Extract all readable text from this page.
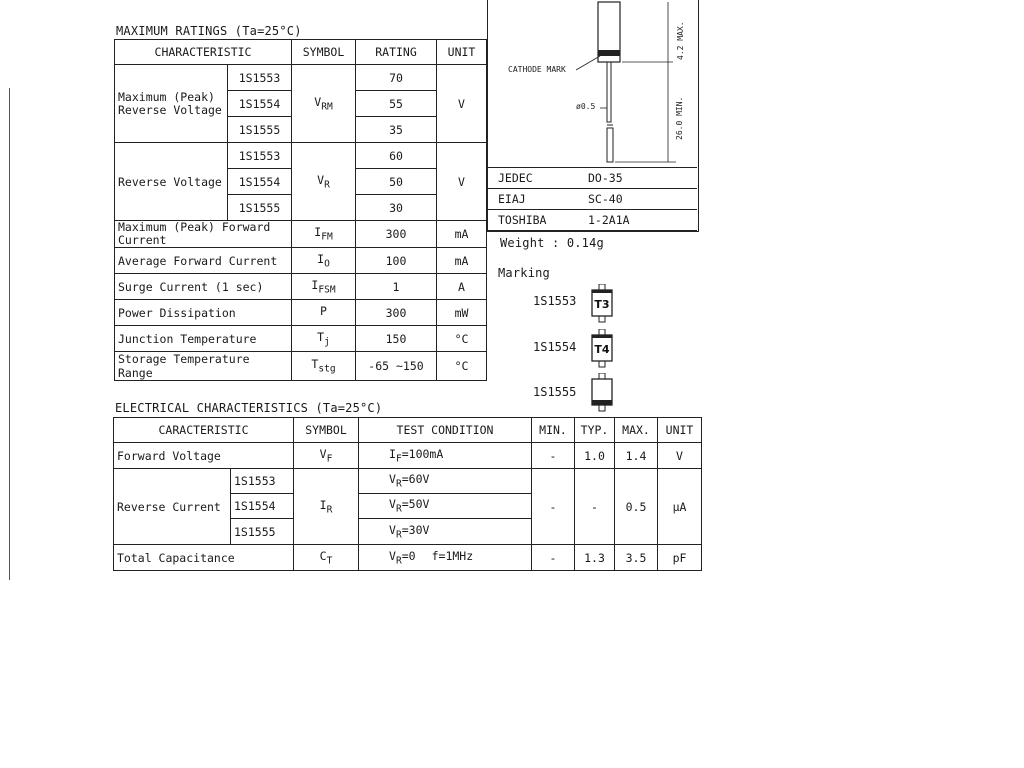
MAXIMUM RATINGS (Ta=25°C)
CHARACTERISTIC		SYMBOL	RATING	UNIT
Maximum (Peak) Reverse Voltage	1S1553	$V_{RM}$	70	V
	1S1554		55	
	1S1555		35	
Reverse Voltage	1S1553	$V_R$	60	V
	1S1554		50	
	1S1555		30	
Maximum (Peak) Forward Current		$I_{FM}$	300	mA
Average Forward Current		$I_O$	100	mA
Surge Current (1 sec)		$I_{FSM}$	1	A
Power Dissipation		P	300	mW
Junction Temperature		$T_j$	150	°C
Storage Temperature Range		$T_{stg}$	-65 ~150	°C
ELECTRICAL CHARACTERISTICS (Ta=25°C)
CARACTERISTIC		SYMBOL	TEST CONDITION	MIN.	TYP.	MAX.	UNIT
Forward Voltage		$V_F$	$I_F=100mA$	-	1.0	1.4	V
Reverse Current	1S1553	$I_R$	$V_R=60V$	-	-	0.5	μA
	1S1554		$V_R=50V$				
	1S1555		$V_R=30V$				
Total Capacitance		$C_T$	$V_R=0$ f=1MHz	-	1.3	3.5	pF
4.2 MAX.
26.0 MIN.
CATHODE MARK
ø0.5
JEDEC	DO-35
EIAJ	SC-40
TOSHIBA	1-2A1A
Weight : 0.14g
Marking
1S1553 T3
1S1554 T4
1S1555
